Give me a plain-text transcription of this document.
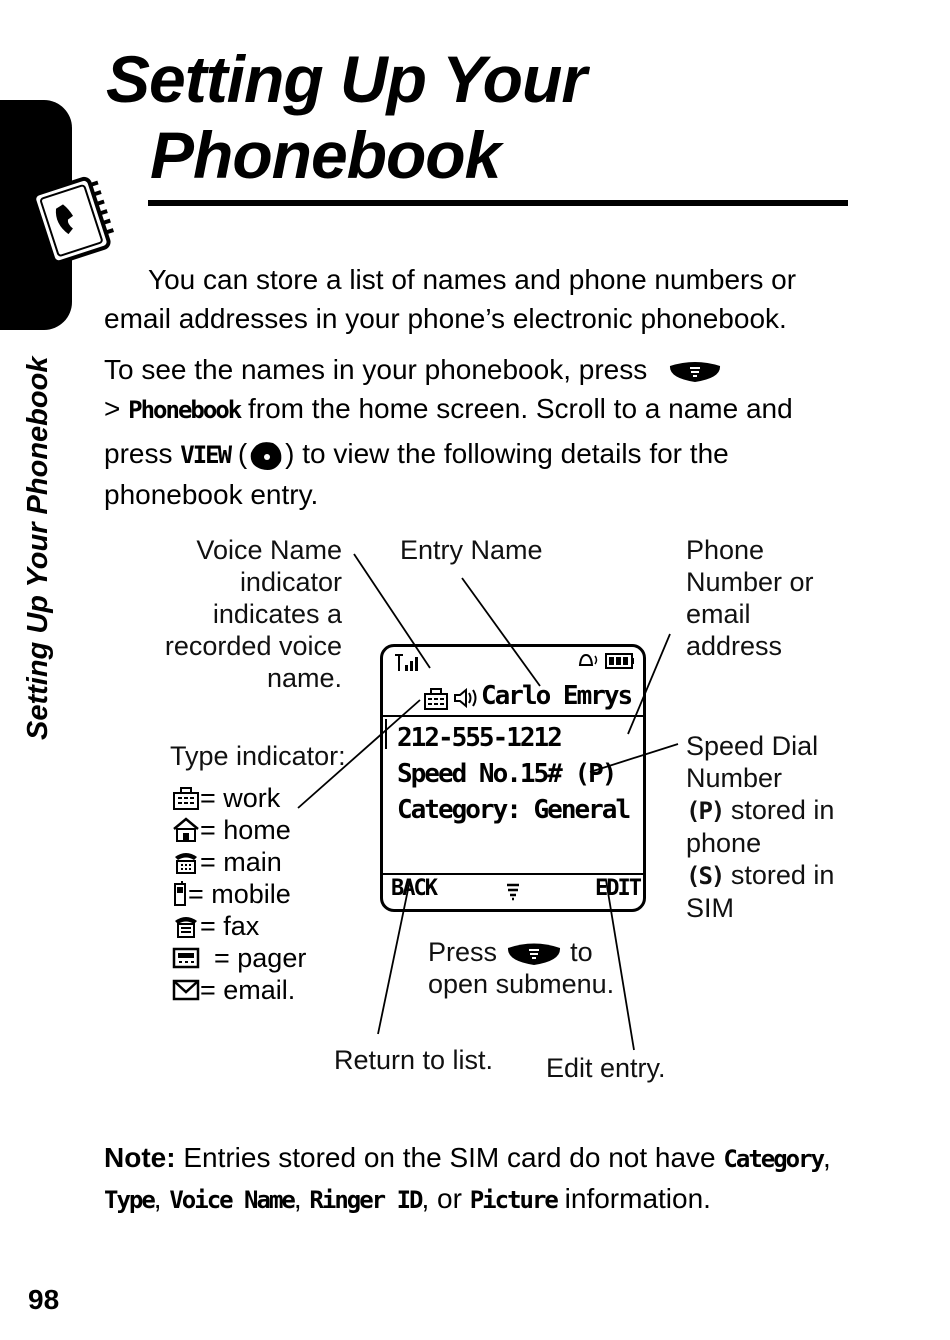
Setting Up Your Phonebook
Setting Up Your
Phonebook
You can store a list of names and phone numbers or
email addresses in your phone’s electronic phonebook.
To see the names in your phonebook, press
> Phonebook from the home screen. Scroll to a name and
press VIEW ( ) to view the following details for the
phonebook entry.
Voice Name
indicator
indicates a
recorded voice
name.
Entry Name	Phone
Number or
email
address
Type indicator:
= work
= home
= main
= mobile
= fax
= pager
= email.
Carlo Emrys
212-555-1212
Speed No.15# (P)
Category: General
BACK	EDIT
Speed Dial
Number
(P) stored in
phone
(S) stored in
SIM
Press	to
open submenu.
Return to list. Edit entry.
Note: Entries stored on the SIM card do not have Category,
Type, Voice Name, Ringer ID, or Picture information.
98
